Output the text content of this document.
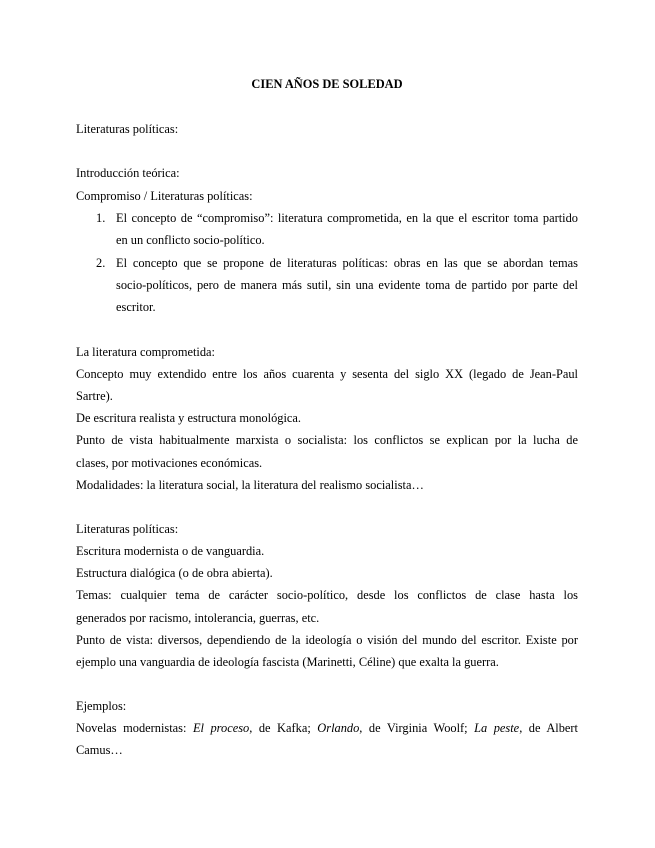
CIEN AÑOS DE SOLEDAD
Literaturas políticas:
Introducción teórica:
Compromiso / Literaturas políticas:
1. El concepto de “compromiso”: literatura comprometida, en la que el escritor toma partido
en un conflicto socio-político.
2. El concepto que se propone de literaturas políticas: obras en las que se abordan temas
socio-políticos, pero de manera más sutil, sin una evidente toma de partido por parte del
escritor.
La literatura comprometida:
Concepto muy extendido entre los años cuarenta y sesenta del siglo XX (legado de Jean-Paul
Sartre).
De escritura realista y estructura monológica.
Punto de vista habitualmente marxista o socialista: los conflictos se explican por la lucha de
clases, por motivaciones económicas.
Modalidades: la literatura social, la literatura del realismo socialista…
Literaturas políticas:
Escritura modernista o de vanguardia.
Estructura dialógica (o de obra abierta).
Temas: cualquier tema de carácter socio-político, desde los conflictos de clase hasta los
generados por racismo, intolerancia, guerras, etc.
Punto de vista: diversos, dependiendo de la ideología o visión del mundo del escritor. Existe por
ejemplo una vanguardia de ideología fascista (Marinetti, Céline) que exalta la guerra.
Ejemplos:
Novelas modernistas: El proceso, de Kafka; Orlando, de Virginia Woolf; La peste, de Albert
Camus…
